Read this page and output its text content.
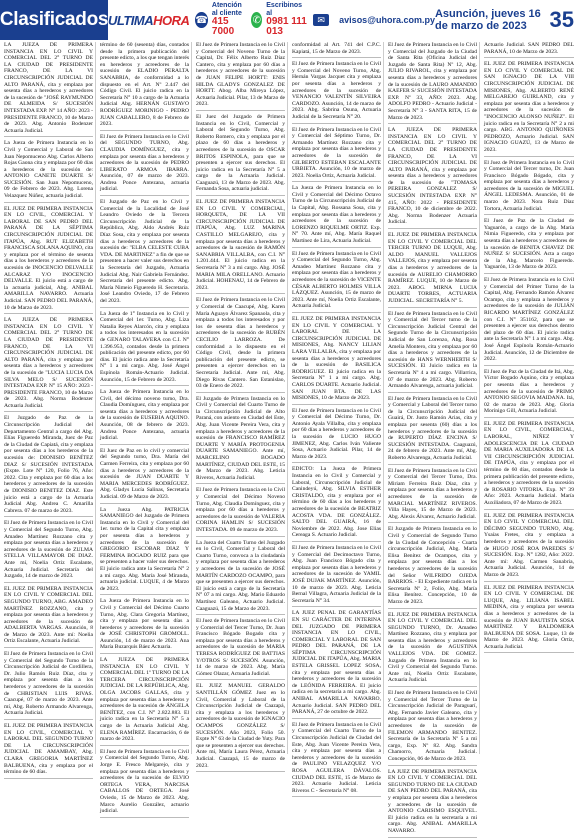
Clasificados ULTIMA HORA ☎
Atención al cliente
415 7000
✆
Escribinos al
0981 111 013
✉	avisos@uhora.com.py Asunción, jueves 16 de marzo de 2023	35

LA JUEZA DE PRIMERA INSTANCIA EN LO CIVIL Y COMERCIAL DEL 2° TURNO DE LA CIUDAD DE PRESIDENTE FRANCO, DE LA VI CIRCUNSCRIPCIÓN JUDICIAL DE ALTO PARANÁ, cita y emplaza por sesenta días a herederos y acreedores de la sucesión de "JOSÉ RAYMUNDO DE ALMEIDA S/ SUCESIÓN INTESTADA EXP. N° 14 AÑO: 2023 - PRESIDENTE FRANCO, 10 de Marzo de 2023. Abg. Antonio Bodenzer Actuaria Judicial.

La Jueza de Primera Instancia en lo Civil y Comercial y Laboral de San Juan Nepomuceno Abg. Carlos Alberto Rojas Gaona cita y emplaza por 60 días a herederos de la sucesión de: ANTONIO CANETE DUARTE S/ SUCESIÓN. San Juan Nepomuceno, 09 de Febrero de 2023. Abg. Lorena Velazquez Núñez, actuaria judicial.

EL JUEZ DE PRIMERA INSTANCIA EN LO CIVIL, COMERCIAL Y LABORAL DE SAN PEDRO DEL PARANÁ DE LA SÉPTIMA CIRCUNSCRIPCIÓN JUDICIAL DE ITAPÚA, Abg. RUT ELIZABETH FRANCISCA SOLANA AQUINO, cita y emplaza por el término de sesenta días a los herederos y acreedores de la sucesión de INOCENCIO DELVALLE ALCARAZ Y/O INOCENCIO DELVALLE. El juicio está a cargo de la actuaria judicial, Abg. ANIBAL AMARILLA NAVARRO. Actuaria Judicial. SAN PEDRO DEL PARANÁ, 10 de Marzo de 2023.

LA JUEZA DE PRIMERA INSTANCIA EN LO CIVIL Y COMERCIAL DEL 2° TURNO DE LA CIUDAD DE PRESIDENTE FRANCO, DE LA VI CIRCUNSCRIPCIÓN JUDICIAL DE ALTO PARANÁ, cita y emplaza por sesenta días a herederos y acreedores de la sucesión de "LUCIA LUCIA DA SILVA MELO S/ SUCESIÓN INTESTADA EXP. N° 15 AÑO: 2023 - PRESIDENTE FRANCO, 10 de Marzo de 2023. Abg. Norma Bodenzer Actuaria Judicial.

El Juzgado de Paz de la Circunscripción Judicial del Departamento Central a cargo del Abg. Elías Figueredo Miranda, Juez de Paz de la Ciudad de Capiatá, cita y emplaza por sesenta días a los herederos de la sucesión de: DIONISIO BENÍTEZ DIAZ S/ SUCESIÓN INTESTADA (Expte. Lote N° 120, Folio 76, Año: 2022. Cita y emplaza por 60 días a los herederos y acreedores de la sucesión de DIONISIO BENITEZ DIAZ. Este juicio está a cargo de la Actuaria Judicial Abg. Andrea C. Amarilla Cabrera. 07 de marzo de 2023.

El Juez de Primera Instancia en lo Civil y Comercial del Segundo Turno, Abg. Amadeo Martínez Rozzano cita y emplaza por sesenta días a herederos y acreedores de la sucesión de ZULMA STELLA VILLAMAYOR DE DIAZ. Ante mí, Noelia Ortiz Escalante, Actuaria Judicial. Secretaría del Juzgado, 14 de marzo de 2023.

EL JUEZ DE PRIMERA INSTANCIA EN LO CIVIL Y COMERCIAL DEL SEGUNDO TURNO, ABG. AMADEO MARTÍNEZ ROZZANO, cita y emplaza por sesenta días a herederos y acreedores de la sucesión de ADALBERTA VARGAS. Asunción, 8 de Marzo de 2023. Ante mí: Noelia Ortiz Escalante, Actuaria Judicial.

El Juez de Primera Instancia en lo Civil y Comercial del Segundo Turno de la Circunscripción Judicial de Cordillera, Dr. Julio Ramón Ruiz Díaz, cita y emplaza por sesenta días a los herederos y acreedores de la sucesión de CHRISTIAN LUIS RIVAS. Caacupé, 07 de marzo de 2023. Ante mí, Abg. Roberto Armando Alvarenga, Actuaria Judicial.

EL JUEZ DE PRIMERA INSTANCIA EN LO CIVIL, COMERCIAL Y LABORAL DEL SEGUNDO TURNO DE LA CIRCUNSCRIPCIÓN JUDICIAL DE AMAMBAY, Abg. CLARA GREGORIA MARTÍNEZ BALBUENA, cita y emplaza por el término de 60 días.

término de 60 (sesenta) días, contados desde la primera publicación del presente edicto, a los que tengan interés en herederos y acreedores de la sucesión de ELADIO PERALTA SANABRIA, de conformidad a lo dispuesto en el Art. Nº 2.447 del Código Civil. El juicio radica en la Secretaría N° 10 a cargo de la Actuaria Judicial Abg. HERNÁN GUSTAVO RODRÍGUEZ MORINIGO - PEDRO JUAN CABALLERO, 8 de Febrero de 2023.

El Juez de Primera Instancia en lo Civil del SEGUNDO TURNO, Abg. CLAUDIA DOMÍNGUEZ, cita y emplaza por sesenta días a herederos y acreedores de la sucesión de PEDRO LIBERATO ARMOA IBARRA. Asunción, 07 de marzo de 2023. Andrea Ponce Antezana, actuaria judicial.

El Juzgado de Paz en lo Civil y Comercial de la Localidad de José Leandro Oviedo de la Tercera Circunscripción Judicial de la República, Abg. Aldo Andrés Ruiz Díaz Sosa, cita y emplaza por sesenta días a herederos y acreedores de la sucesión de: "ELBA CELESTE CUBA VDA. DE MARTINEZ" a fin de que se presenten a hacer valer sus derechos en la Secretaría del Juzgado, Actuaria Judicial Abg. Nair Gabriela Fernández. Secretaría del presente edicto. Abg. María Nimeio Figueredo H. Secretaria. José Leandro Oviedo, 17 de Febrero del 2023.

La Jueza de 1° Instancia en lo Civil y Comercial del 1er. Turno, Abg. Liza Natalia Reyes Alarcón, cita y emplaza a todos los interesados en la sucesión de GENARO TALAVERA con C.I. N° 1.396.953, contados desde la primera publicación del presente edicto, por 60 días. El juicio radica ante la Secretaría N° 1 a mi cargo. Abg. José Ángel Espínola Román-Actuario Judicial. Asunción, 15 de Febrero de 2023.

La Jueza de Primera Instancia en lo Civil, del décimo noveno turno, Dra. Claudia Domínguez, cita y emplaza por sesenta días a herederos y acreedores de la sucesión de EUSEBIA AQUINO. Asunción, 08 de febrero de 2023. Andrea Ponce Antezana, actuaria judicial.

El Juez de Paz en lo civil y comercial del Segundo turno, Dra. María del Carmen Ferreira, cita y emplaza por 60 días a herederos y acreedores de la sucesión de JUAN DUARTE Y MARIA MERCEDES RODRÍGUEZ. Abg. Gladys Lucía Salinas, Secretaria Judicial. 09 de Marzo de 2023.

La Jueza Abg. PATRICIA SAMANIEGO del Juzgado de Primera Instancia en lo Civil y Comercial del 1er. turno de la Capital cita y emplaza por sesenta días a herederos y acreedores de la sucesión de GREGORIO ESCOBAR DIAZ Y FERMINA BOGADO RUIZ para que se presenten a hacer valer sus derechos. El juicio radica ante la Secretaría N° 2 a mi cargo. Abg. María José Miranda, actuaria judicial. LUQUE, 4 de Marzo de 2023.

La Jueza de Primera Instancia en lo Civil y Comercial del Décimo Cuarto Turno, Abg. Clara Gregoria Martínez, cita y emplaza por sesenta días a herederos y acreedores de la sucesión de JOSÉ CHRISTOPH GROMOLL. Asunción, 14 de marzo de 2023. Ana María Buzarquis Báez Actuaria.

LA JUEZA DE PRIMERA INSTANCIA EN LO CIVIL Y COMERCIAL DEL 1º TURNO DE LA TERCERA CIRCUNSCRIPCIÓN JUDICIAL DE LA REPÚBLICA, Abg. OLGA JACOBS GALLAS, cita y emplaza por sesenta días a herederos y acreedores de la sucesión de ÁNGELA BENÍTEZ, con C.I. N° 2.822.883. El juicio radica en la Secretaría N° 5 a cargo de la Actuaria Judicial Abg. ELENA RAMÍREZ. Encarnación, 6 de marzo de 2023.

El Juez de Primera Instancia en lo Civil y Comercial del Segundo Turno, Abg. Jorge E. Fresco Melgarejo, cita y emplaza por sesenta días a herederos y acreedores de la sucesión de ELVIO ORTEGA VERA, NARCISA CABALLOS DE ORTEGA. José Oviedo, 15 de Marzo de 2023. Abg. Marco Aurelio González, actuario judicial.

El Juez de Primera Instancia en lo Civil y Comercial del Noveno Turno de la Capital, Dr. Félix Alberto Ruiz Díaz Cantero, cita y emplaza por 60 días a herederos y acreedores de la sucesión de JUAN FELIPE HORTT: ENIS HILDA GLADYS GONZALEZ DE HORTT. Abog. Alba Mireya López, Actuaria Judicial. Pilar, 13 de Marzo de 2023.

El Juez del Juzgado de Primera Instancia en lo Civil, Comercial y Laboral del Segundo Turno, Abg. Roberto Romero, cita y emplaza por el plazo de 60 días a herederos y acreedores de la sucesión de OSCAR BRITOS ESPINOLA, para que se presenten a ejercer sus derechos. El juicio radica en la Secretaría N° 5 a cargo de la Actuaria Judicial. Caaguazú, 13 de Marzo de 2023. Abg. Fernanda Sosa, actuaria judicial.

EL JUEZ DE PRIMERA INSTANCIA EN LO CIVIL Y COMERCIAL, HORQUETA, DE LA VII CIRCUNSCRIPCIÓN JUDICIAL DE ITAPÚA, Abg. LUZ MARINA CASTILLO MELGAREJO, cita y emplaza por sesenta días a herederos y acreedores de la sucesión de RAMÓN SANABRIA VILLALBA, con C.I. N° 1.201.444. El juicio radica en la Secretaría N° 3 a mi cargo. Abg. JOSÉ MARIA MILA ORELLANO. Actuario Judicial. HOHENAU, 14 de Febrero de 2023.

El Juez de Primera Instancia en lo Civil y Comercial de Caacupé, Abg. Karen María Aguayo Álvarez Spanaola, cita y emplaza a todos los interesados y por los de sesenta días a herederos y acreedores de la sucesión de RUBÉN CECILIO LARROZA. De conformidad a lo dispuesto en el Código Civil, desde la primera publicación del presente edicto, se presenten a ejercer derechos en la Secretaría Judicial. Ante mí, Abg. Diego Rivas Cantero. San Estanislao, 03 de Enero de 2022.

El Juzgado de Primera Instancia en lo Civil y Comercial del Cuarto Turno de la Circunscripción Judicial de Alto Paraná, con asiento en Ciudad del Este, Abg. Juan Vicente Pereira Vera, cita y emplaza a herederos y acreedores de la sucesión de FRANCISCO RAMÍREZ DUARTE Y MARÍA PROTOGENIA DUARTE SAMANIEGO. Ante mí, MARCELINO BOGADO MARTÍNEZ, CIUDAD DEL ESTE, 15 de Marzo de 2023. Abg. Leticia Riveros, Actuaria Judicial.

El Juez de Primera Instancia en lo Civil y Comercial del Décimo Noveno Turno, Abg. Claudia Domínguez, cita y emplaza por 60 días a herederos y acreedores de la sucesión de VALERIA CORINA HAMLIN S/ SUCESIÓN INTESTADA. 09 de marzo de 2023.

La Jueza del Cuarto Turno del Juzgado en lo Civil, Comercial y Laboral del Cuarto Turno, convoca a la ciudadanía y emplaza por sesenta días a herederos y acreedores de la sucesión de JOSÉ MARTÍN CARDOZO OCAMPO, para que se presenten a ejercer sus derechos. El juicio está a cargo de la Secretaría N° 07 a mi cargo. Abg. Mario Eduardo Martínez Galeano, Actuario Judicial. Caaguazú, 15 de Marzo de 2023.

El Juez de Primera Instancia en lo Civil y Comercial del Tercer Turno, Dr. Juan Francisco Bógado Bogado cita y emplaza por sesenta días a herederos y acreedores de la sucesión de MARIA TERESA RODRÍGUEZ DE BATTIAS Y/OTROS S/ SUCESIÓN. Asunción, 14 de marzo de 2023. Abg. María Gómez Olazar, Actuaria Judicial.

EL JUEZ MANUEL GERALDO SANTILLÁN GÓMEZ Juez en lo Civil, Comercial y Laboral de la Circunscripción Judicial de Caazapá, cita y emplaza a los herederos y acreedores de la sucesión de IGNACIO OCAMPOS GONZÁLEZ S/ SUCESIÓN. Año 2023, Folio 50. Expte N° 63 de la Ciudad de Yuty. Para que se presenten a ejercer sus derechos. Ante mí, María Laura Pérez, Actuaria Judicial. Caazapá, 15 de marzo de 2023.

conformidad al Art. 741 del C.P.C. Kapiatá, 15 de Marzo de 2023.

El Juez de Primera Instancia en lo Civil y Comercial del Noveno Turno, Abg. Hernán Vargas Jacquet cita y emplaza por sesenta días a herederos y acreedores de la sucesión de VENANCIO VALENTÍN SILVEIRA CARDOZO. Asunción, 14 de marzo de 2023. Abg. Sabrina Osuna, Actuaria Judicial de la Secretaría N° 20.

El Juez de Primera Instancia en lo Civil y Comercial del Séptimo Turno, Dr. Armando Martínez Rozzano cita y emplaza por sesenta días a herederos y acreedores de la sucesión de GILBERTO ESTEBAN ESCALANTE URBIETA. Asunción, 10 de marzo de 2023. Noelia Ortiz, Actuaria Judicial.

La Jueza de Primera Instancia en lo Civil y Comercial del Décimo Octavo Turno de la Circunscripción Judicial de la Capital, Abg. Rossana Sosa, cita y emplaza por sesenta días a herederos y acreedores de la sucesión de LORENZO RIQUELME ORTIZ. Exp. N° 70. Ante mí, Abg. María Raquel Martínez de Lira, Actuaria Judicial.

El Juez de Primera Instancia en lo Civil y Comercial del Segundo Turno, Abg. Amadeo Martínez Rozzano cita y emplaza por sesenta días a herederos y acreedores de la sucesión de VICENTE CÉSAR ALBERTO HOLMES VILLA LÁZQUEZ. Asunción, 15 de marzo de 2023. Ante mí, Noelia Ortiz Escalante, Actuaria Judicial.

EL JUEZ DE PRIMERA INSTANCIA EN LO CIVIL Y COMERCIAL Y LABORAL DE LA CIRCUNSCRIPCIÓN JUDICIAL DE MISIONES, Abg. NANCY LILIAN LARA VILLALBA, cita y emplaza por sesenta días a herederos y acreedores de la sucesión de BASILICA RODRIGUEZ. El juicio radica en la Secretaría N° 1 a mi cargo. Abg. CARLOS DUARTE. Actuario Judicial. SAN JUAN BTA. DE LAS MISIONES, 10 de Marzo de 2023.

El Juez de Primera Instancia en lo Civil y Comercial del Décimo Turno, Dr. Antonio Ayala Villalba, cita y emplaza por 60 días a herederos y acreedores de la sucesión de LUCIO HUGO JIMENEZ, Abg. Carlos Iván Valiente Sosa, Actuario Judicial. Pilar, 14 de Marzo de 2023.

EDICTO: La Jueza de Primera Instancia en lo Civil y Comercial y Laboral, Circunscripción Judicial de Canindeyú, Abg. SILVIA ESTHER CRISTALDO, cita y emplaza por el término de 60 días a los herederos y acreedores de la sucesión de BEATRIZ ACOSTA VDA. DE GONZÁLEZ. SALTO DEL GUAIRÁ, 16 de Noviembre de 2022. Abg. Jose Elias Cereaga S. Actuario Judicial.

El Juez de Primera Instancia en lo Civil y Comercial del Decimoctavo Turno, Abg. Juan Francisco Bógado cita y emplaza por sesenta días a herederos y acreedores de la sucesión de YAMIL JOSÉ DUJAK MARTÍNEZ. Asunción, 10 de marzo de 2023. Abg. Leticia Bernal Villagra, Actuaria Judicial de la Secretaría N° 34.

LA JUEZ PENAL DE GARANTÍAS EN SU CARÁCTER DE INTERINA DEL JUZGADO DE PRIMERA INSTANCIA EN LO CIVIL, COMERCIAL Y LABORAL DE SAN PEDRO DEL PARANÁ, DE LA SÉPTIMA CIRCUNSCRIPCIÓN JUDICIAL DE ITAPÚA, Abg. MARIA ESTELA GRISSEL LOPEZ SOSA, cita y emplaza por sesenta días a herederos y acreedores de la sucesión de LEÓNIDA FERREIRA. El juicio radica en la secretaría a mi cargo. Abg. ANIBAL AMARILLA NAVARRO, Actuario Judicial. SAN PEDRO DEL PARANÁ, 27 de octubre de 2022.

El Juez de Primera Instancia en lo Civil y Comercial del Cuarto Turno de la Circunscripción Judicial de Ciudad del Este, Abg. Juan Vicente Pereira Vera, cita y emplaza por sesenta días a herederos y acreedores de la sucesión de PAULINO VELAZQUEZ Y/O ROSA AGUILERA DÁVALOS. CIUDAD DEL ESTE, 15 de Marzo de 2023. Actuario Judicial. Leticia Riveros C - Secretaría N° 08.

El Juez de Primera Instancia en lo Civil y Comercial del Juzgado de la Ciudad de Santa Rita (Oficina Judicial del Juzgado de Santa Rita) Nº 12, Abg. JULIO RIVAROL, cita y emplaza por sesenta días a herederos y acreedores de la sucesión de LAURO AMANDIO KAEFER S/ SUCESIÓN INTESTADA EXP. Nº 33, AÑO: 2023. Abg. ADOLFO PEDRO - Actuario Judicial - Secretaría N° 3 - SANTA RITA, 15 de Marzo de 2023.

LA JUEZA DE PRIMERA INSTANCIA EN LO CIVIL Y COMERCIAL DEL 2° TURNO DE LA CIUDAD DE PRESIDENTE FRANCO, DE LA VI CIRCUNSCRIPCIÓN JUDICIAL DE ALTO PARANÁ, cita y emplaza por sesenta días a herederos y acreedores de la sucesión de "TOMASA PEREIRA GONZALEZ S/ SUCESIÓN INTESTADA EXP. N° 415, AÑO: 2022 - PRESIDENTE FRANCO, 10 de diciembre de 2022. Abg. Norma Bodenzer Actuaria Judicial.

EL JUEZ DE PRIMERA INSTANCIA EN LO CIVIL Y COMERCIAL DEL TERCER TURNO DE LUQUE, Abg. ALDO MANUEL VALLEJOS VALLEJOS, cita y emplaza por sesenta días a herederos y acreedores de la sucesión de AURELIO CHAMORRO RAMÍREZ. LUQUE, 10 de Marzo de 2023. ABOG. MIRNA LUCIA DUARTE TORRES, ACTUARIA JUDICIAL. SECRETARÍA N° 5.

El Juez de Primera Instancia en lo Civil y Comercial del Tercer turno de la Circunscripción Judicial Central del Segundo Turno de la Circunscripción Judicial de San Lorenzo, Abg. Rosa Amelia Montero, cita y emplaza por 60 días a herederos y acreedores de la sucesión de HANS WERNHERTH S/ SUCESIÓN. El Juicio radica en la Secretaría Nº 4 a mi cargo. Villarrica, 07 de marzo de 2023. Abg. Roberto Armando Alvarenga, actuaria judicial.

El Juez de Primera Instancia en lo Civil y Comercial y Laboral del Tercer turno de la Circunscripción Judicial del Guairá, Dr. Justo Ramón Arias, cita y emplaza por sesenta (60) días a los herederos y acreedores de la sucesión de RUPERTO DÍAZ ENCINA S/ SUCESIÓN INTESTADA. Caaguazú, 24 de febrero de 2023. Ante mí, Abg. Roberto Alvarenga, Actuaria Judicial.

El Juez de Primera Instancia en lo Civil y Comercial del Tercer Turno, Dra. Miriam Ferreira Ruiz Díaz, cita y emplaza por sesenta días a herederos y acreedores de la sucesión de MARCIAL MARTÍNEZ RIVEROS. Villa Hayes, 15 de Marzo de 2023. Abg. Alexis Álvarez, Actuario Judicial.

El Juzgado de Primera Instancia en lo Civil y Comercial de Segundo Turno de la Ciudad de Concepción - Cuarta circunscripción Judicial, Abg. María Elisa Benítez de Ocampos, cita y emplaza por sesenta días a los herederos y acreedores de la sucesión del Señor WILFRIDO OJEDA BARRIOS. - El Expediente radica en la Secretaría Nº 2, Folio, Abg. María Elisa Benítez. Concepción, 10 de Marzo de 2023.

EL JUEZ DE PRIMERA INSTANCIA EN LO CIVIL Y COMERCIAL DEL SEGUNDO TURNO, Dr. Amadeo Martínez Rozzano, cita y emplaza por sesenta días a herederos y acreedores de la sucesión de AGUSTINA VALLEJOS VDA. DE GOMEZ. Juzgado de Primera Instancia en lo Civil y Comercial del Segundo Turno. Ante mí, Noelia Ortiz Escalante, Actuaria Judicial.

El Juez de Primera Instancia en lo Civil y Comercial del Tercer Turno de la Circunscripción Judicial de Paraguarí, Abg. Fernando Javier Galeano, cita y emplaza por sesenta días a herederos y acreedores de la sucesión de FILEMON ARMANDO BENITEZ. Secretaría de la Secretaría Nº 5 a mi cargo, Exp. Nº 82. Abg. Sandra Chamorro, Actuaria Judicial. Concepción, 06 de Marzo de 2023.

LA JUEZ DE PRIMERA INSTANCIA EN LO CIVIL Y COMERCIAL DEL SEGUNDO TURNO DE LA CIUDAD DE SAN PEDRO DEL PARANÁ, cita y emplaza por sesenta días a herederos y acreedores de la sucesión de ANTONIO CARISIMO ESQUIVEL. El juicio radica en la secretaría a mi cargo. Abg. ANIBAL AMARILLA NAVARRO.

Actuario Judicial. SAN PEDRO DEL PARANÁ, 10 de Marzo de 2023.

EL JUEZ DE PRIMERA INSTANCIA EN LO CIVIL Y COMERCIAL DE SAN IGNACIO DE LA VIII CIRCUNSCRIPCIÓN JUDICIAL DE MISIONES, Abg. ALBERTO RENÉ MELGAREJO GUIRLAND, cita y emplaza por sesenta días a herederos y acreedores de la sucesión de "INOCENCIO ALONSO NUÑEZ". El juicio radica en la Secretaría N° 2 a mi cargo. ABG. ANTONIO QUIÑONES PEDROZO, Actuario Judicial. SAN IGNACIO GUAZÚ, 13 de Marzo de 2023.

El Juez de Primera Instancia en lo Civil y Comercial del Tercer turno, Dr. Juan Francisco Bógado Bógado, cita y emplaza por sesenta días a herederos y acreedores de la sucesión de MIGUEL ÁNGEL LEDESMA. Asunción, 01 de marzo de 2023. Nora Ruiz Díaz Tortora, Actuaria Judicial.

El Juez de Paz de la Ciudad de Yaguarón, a cargo de la Abg. María Nimia Figueredo, cita y emplaza por sesenta días a herederos y acreedores de la sucesión de BENITA CHAVEZ DE NUÑEZ S/ SUCESIÓN. Acta a cargo de la Abg. Marcelo Figueredo. Yaguarón, 13 de Marzo de 2023.

El Juez de Primera Instancia en lo Civil y Comercial del Primer Turno de la Capital, Abg. Fernando Ramón Álvarez Ocampo, cita y emplaza a herederos y acreedores de la sucesión de JULIÁN RICARDO MARTÍNEZ GONZÁLEZ con C.I. N° 351162, para que se presenten a ejercer sus derechos dentro del plazo de 60 días. El juicio radica ante la Secretaría N° 1 a mi cargo. Abg. José Ángel Espínola Román-Actuario Judicial. Asunción, 12 de Diciembre de 2022.

El Juez de Paz de la Ciudad de Itá, Abg. Víctor Bogado Aquino, cita y emplaza por sesenta días a herederos y acreedores de la sucesión de PRIMO ANTONIO SEGOVIA MAIDANA. Itá, 02 de marzo de 2023. Abg. Gloria Morínigo Gill, Actuaria Judicial.

EL JUEZ DE PRIMERA INSTANCIA EN LO CIVIL, COMERCIAL, LABORAL, NIÑEZ Y ADOLESCENCIA DE LA CIUDAD DE MARIA AUXILIADORA DE LA VII CIRCUNSCRIPCIÓN JUDICIAL DE ITAPÚA, cita y emplaza por el término de 60 días, contados desde la primera publicación del presente edicto, a herederos y acreedores de la sucesión de ROSARIO VITORIA. Exp. N° 39 Año: 2023. Actuaria Judicial. María Auxiliadora, 07 de Marzo de 2023.

EL JUEZ DE PRIMERA INSTANCIA EN LO CIVIL Y COMERCIAL DEL DÉCIMO SEGUNDO TURNO, Abg. Ysaías Fretes, cita y emplaza a herederos y acreedores de la sucesión de HUGO JOSÉ ROA PAREDES S/ SUCESIÓN. Exp. N° 1282, Año: 2022. Ante mí: Abg. Carmen Sanabria, Actuaria Judicial. Asunción, 14 de Marzo de 2023.

EL JUEZ DE PRIMERA INSTANCIA EN LO CIVIL Y COMERCIAL DE LUQUE, Abg. LILIANA ISABEL MEDINA, cita y emplaza por sesenta días a herederos y acreedores de la sucesión de JUAN BAUTISTA SOSA MARTÍNEZ Y BALDOMERA BALBUENA DE SOSA. Luque, 13 de Marzo de 2023. Abg. Gloria Ortiz, Actuaria Judicial.
